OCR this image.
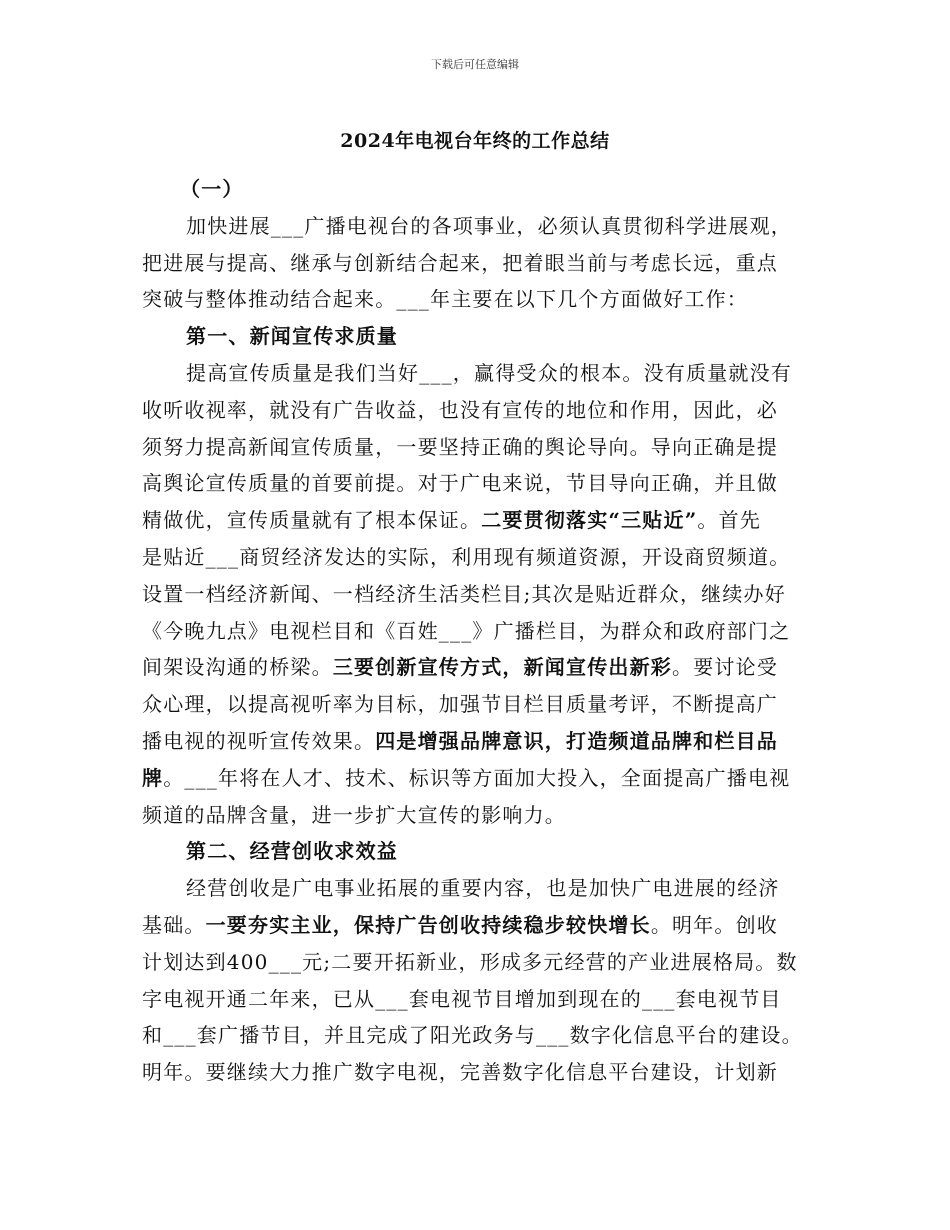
下载后可任意编辑
2024年电视台年终的工作总结
（一）
加快进展___广播电视台的各项事业，必须认真贯彻科学进展观，
把进展与提高、继承与创新结合起来，把着眼当前与考虑长远，重点
突破与整体推动结合起来。___年主要在以下几个方面做好工作：
第一、新闻宣传求质量
提高宣传质量是我们当好___，赢得受众的根本。没有质量就没有
收听收视率，就没有广告收益，也没有宣传的地位和作用，因此，必
须努力提高新闻宣传质量，一要坚持正确的舆论导向。导向正确是提
高舆论宣传质量的首要前提。对于广电来说，节目导向正确，并且做
精做优，宣传质量就有了根本保证。二要贯彻落实“三贴近”。首先
是贴近___商贸经济发达的实际，利用现有频道资源，开设商贸频道。
设置一档经济新闻、一档经济生活类栏目;其次是贴近群众，继续办好
《今晚九点》电视栏目和《百姓___》广播栏目，为群众和政府部门之
间架设沟通的桥梁。三要创新宣传方式，新闻宣传出新彩。要讨论受
众心理，以提高视听率为目标，加强节目栏目质量考评，不断提高广
播电视的视听宣传效果。四是增强品牌意识，打造频道品牌和栏目品
牌。___年将在人才、技术、标识等方面加大投入，全面提高广播电视
频道的品牌含量，进一步扩大宣传的影响力。
第二、经营创收求效益
经营创收是广电事业拓展的重要内容，也是加快广电进展的经济
基础。一要夯实主业，保持广告创收持续稳步较快增长。明年。创收
计划达到400___元;二要开拓新业，形成多元经营的产业进展格局。数
字电视开通二年来，已从___套电视节目增加到现在的___套电视节目
和___套广播节目，并且完成了阳光政务与___数字化信息平台的建设。
明年。要继续大力推广数字电视，完善数字化信息平台建设，计划新
